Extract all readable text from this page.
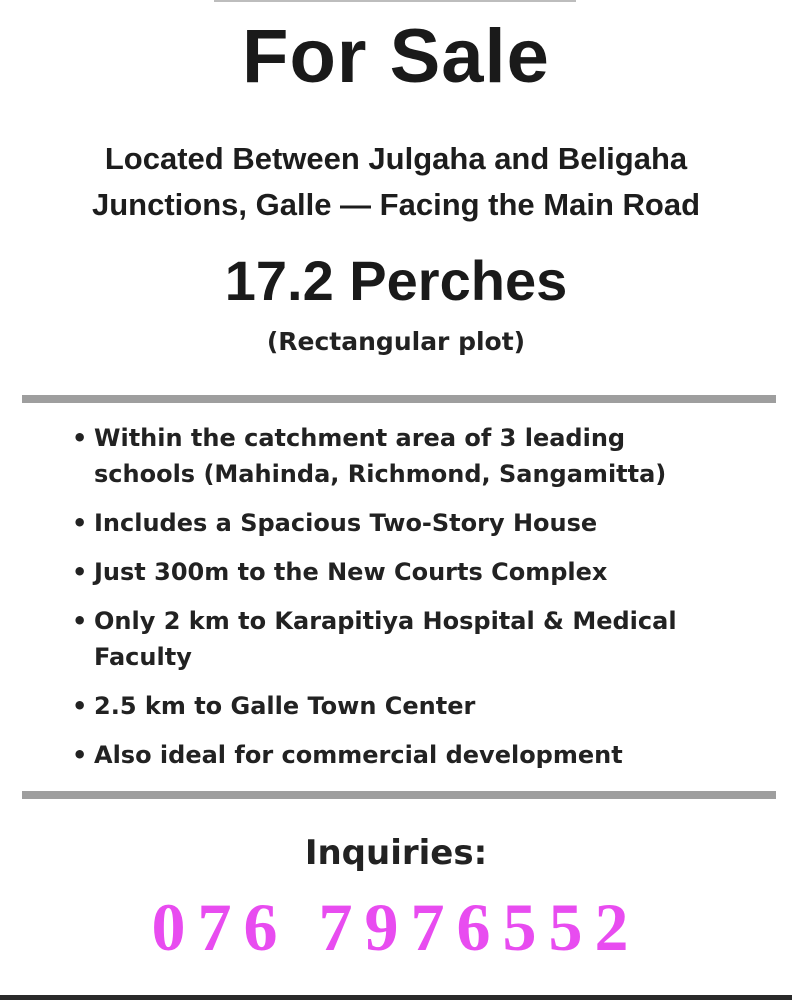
For Sale
Located Between Julgaha and Beligaha
Junctions, Galle — Facing the Main Road
17.2 Perches
(Rectangular plot)
• Within the catchment area of 3 leading
schools (Mahinda, Richmond, Sangamitta)
• Includes a Spacious Two-Story House
• Just 300m to the New Courts Complex
• Only 2 km to Karapitiya Hospital & Medical
Faculty
• 2.5 km to Galle Town Center
• Also ideal for commercial development
Inquiries:
076 7976552
